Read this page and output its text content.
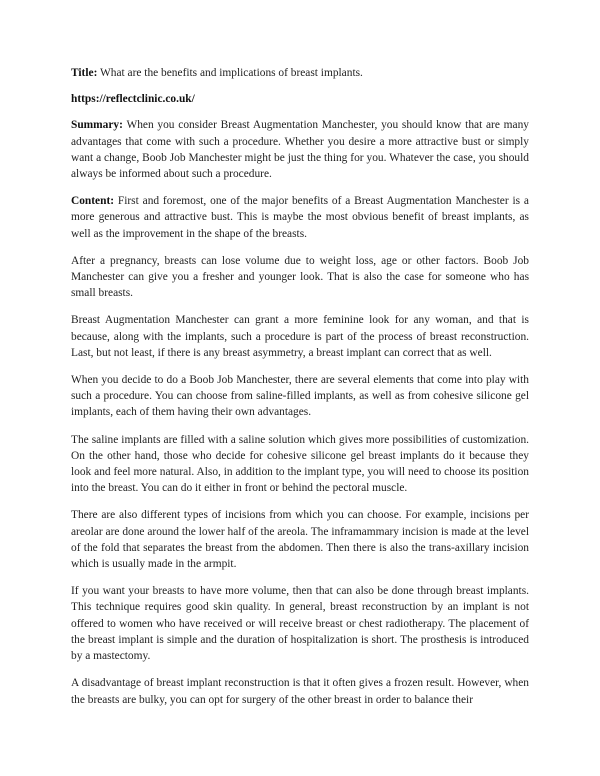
Title: What are the benefits and implications of breast implants.

https://reflectclinic.co.uk/

Summary: When you consider Breast Augmentation Manchester, you should know that are many advantages that come with such a procedure. Whether you desire a more attractive bust or simply want a change, Boob Job Manchester might be just the thing for you. Whatever the case, you should always be informed about such a procedure.

Content: First and foremost, one of the major benefits of a Breast Augmentation Manchester is a more generous and attractive bust. This is maybe the most obvious benefit of breast implants, as well as the improvement in the shape of the breasts.

After a pregnancy, breasts can lose volume due to weight loss, age or other factors. Boob Job Manchester can give you a fresher and younger look. That is also the case for someone who has small breasts.

Breast Augmentation Manchester can grant a more feminine look for any woman, and that is because, along with the implants, such a procedure is part of the process of breast reconstruction. Last, but not least, if there is any breast asymmetry, a breast implant can correct that as well.

When you decide to do a Boob Job Manchester, there are several elements that come into play with such a procedure. You can choose from saline-filled implants, as well as from cohesive silicone gel implants, each of them having their own advantages.

The saline implants are filled with a saline solution which gives more possibilities of customization. On the other hand, those who decide for cohesive silicone gel breast implants do it because they look and feel more natural. Also, in addition to the implant type, you will need to choose its position into the breast. You can do it either in front or behind the pectoral muscle.

There are also different types of incisions from which you can choose. For example, incisions per areolar are done around the lower half of the areola. The inframammary incision is made at the level of the fold that separates the breast from the abdomen. Then there is also the trans-axillary incision which is usually made in the armpit.

If you want your breasts to have more volume, then that can also be done through breast implants. This technique requires good skin quality. In general, breast reconstruction by an implant is not offered to women who have received or will receive breast or chest radiotherapy. The placement of the breast implant is simple and the duration of hospitalization is short. The prosthesis is introduced by a mastectomy.

A disadvantage of breast implant reconstruction is that it often gives a frozen result. However, when the breasts are bulky, you can opt for surgery of the other breast in order to balance their
